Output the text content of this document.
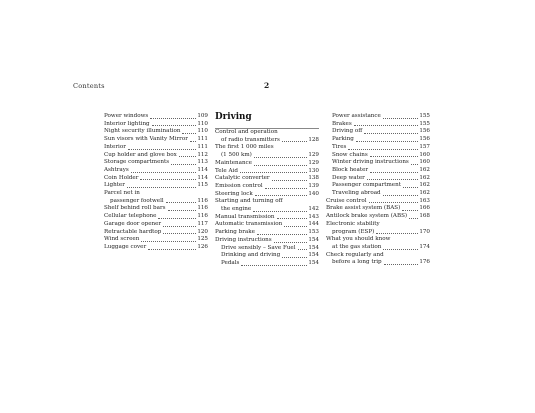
Contents	2
Power windows	109
Interior lighting	110
Night security illumination	110
Sun visors with Vanity Mirror 111
Interior	111
Cup holder and glove box	112
Storage compartments	113
Ashtrays	114
Coin Holder	114
Lighter	115
Parcel net in
passenger footwell	116
Shelf behind roll bars	116
Cellular telephone	116
Garage door opener	117
Retractable hardtop	120
Wind screen	125
Luggage cover	126
Driving
Control and operation
of radio transmitters	128
The first 1 000 miles
(1 500 km)	129
Maintenance	129
Tele Aid	130
Catalytic converter	138
Emission control	139
Steering lock	140
Starting and turning off
the engine	142
Manual transmission	143
Automatic transmission	144
Parking brake	153
Driving instructions	154
Drive sensibly – Save Fuel 154
Drinking and driving	154
Pedals	154
Power assistance	155
Brakes	155
Driving off	156
Parking	156
Tires	157
Snow chains	160
Winter driving instructions 160
Block heater	162
Deep water	162
Passenger compartment	162
Traveling abroad	162
Cruise control	163
Brake assist system (BAS)	166
Antilock brake system (ABS) 168
Electronic stability
program (ESP)	170
What you should know
at the gas station	174
Check regularly and
before a long trip	176
